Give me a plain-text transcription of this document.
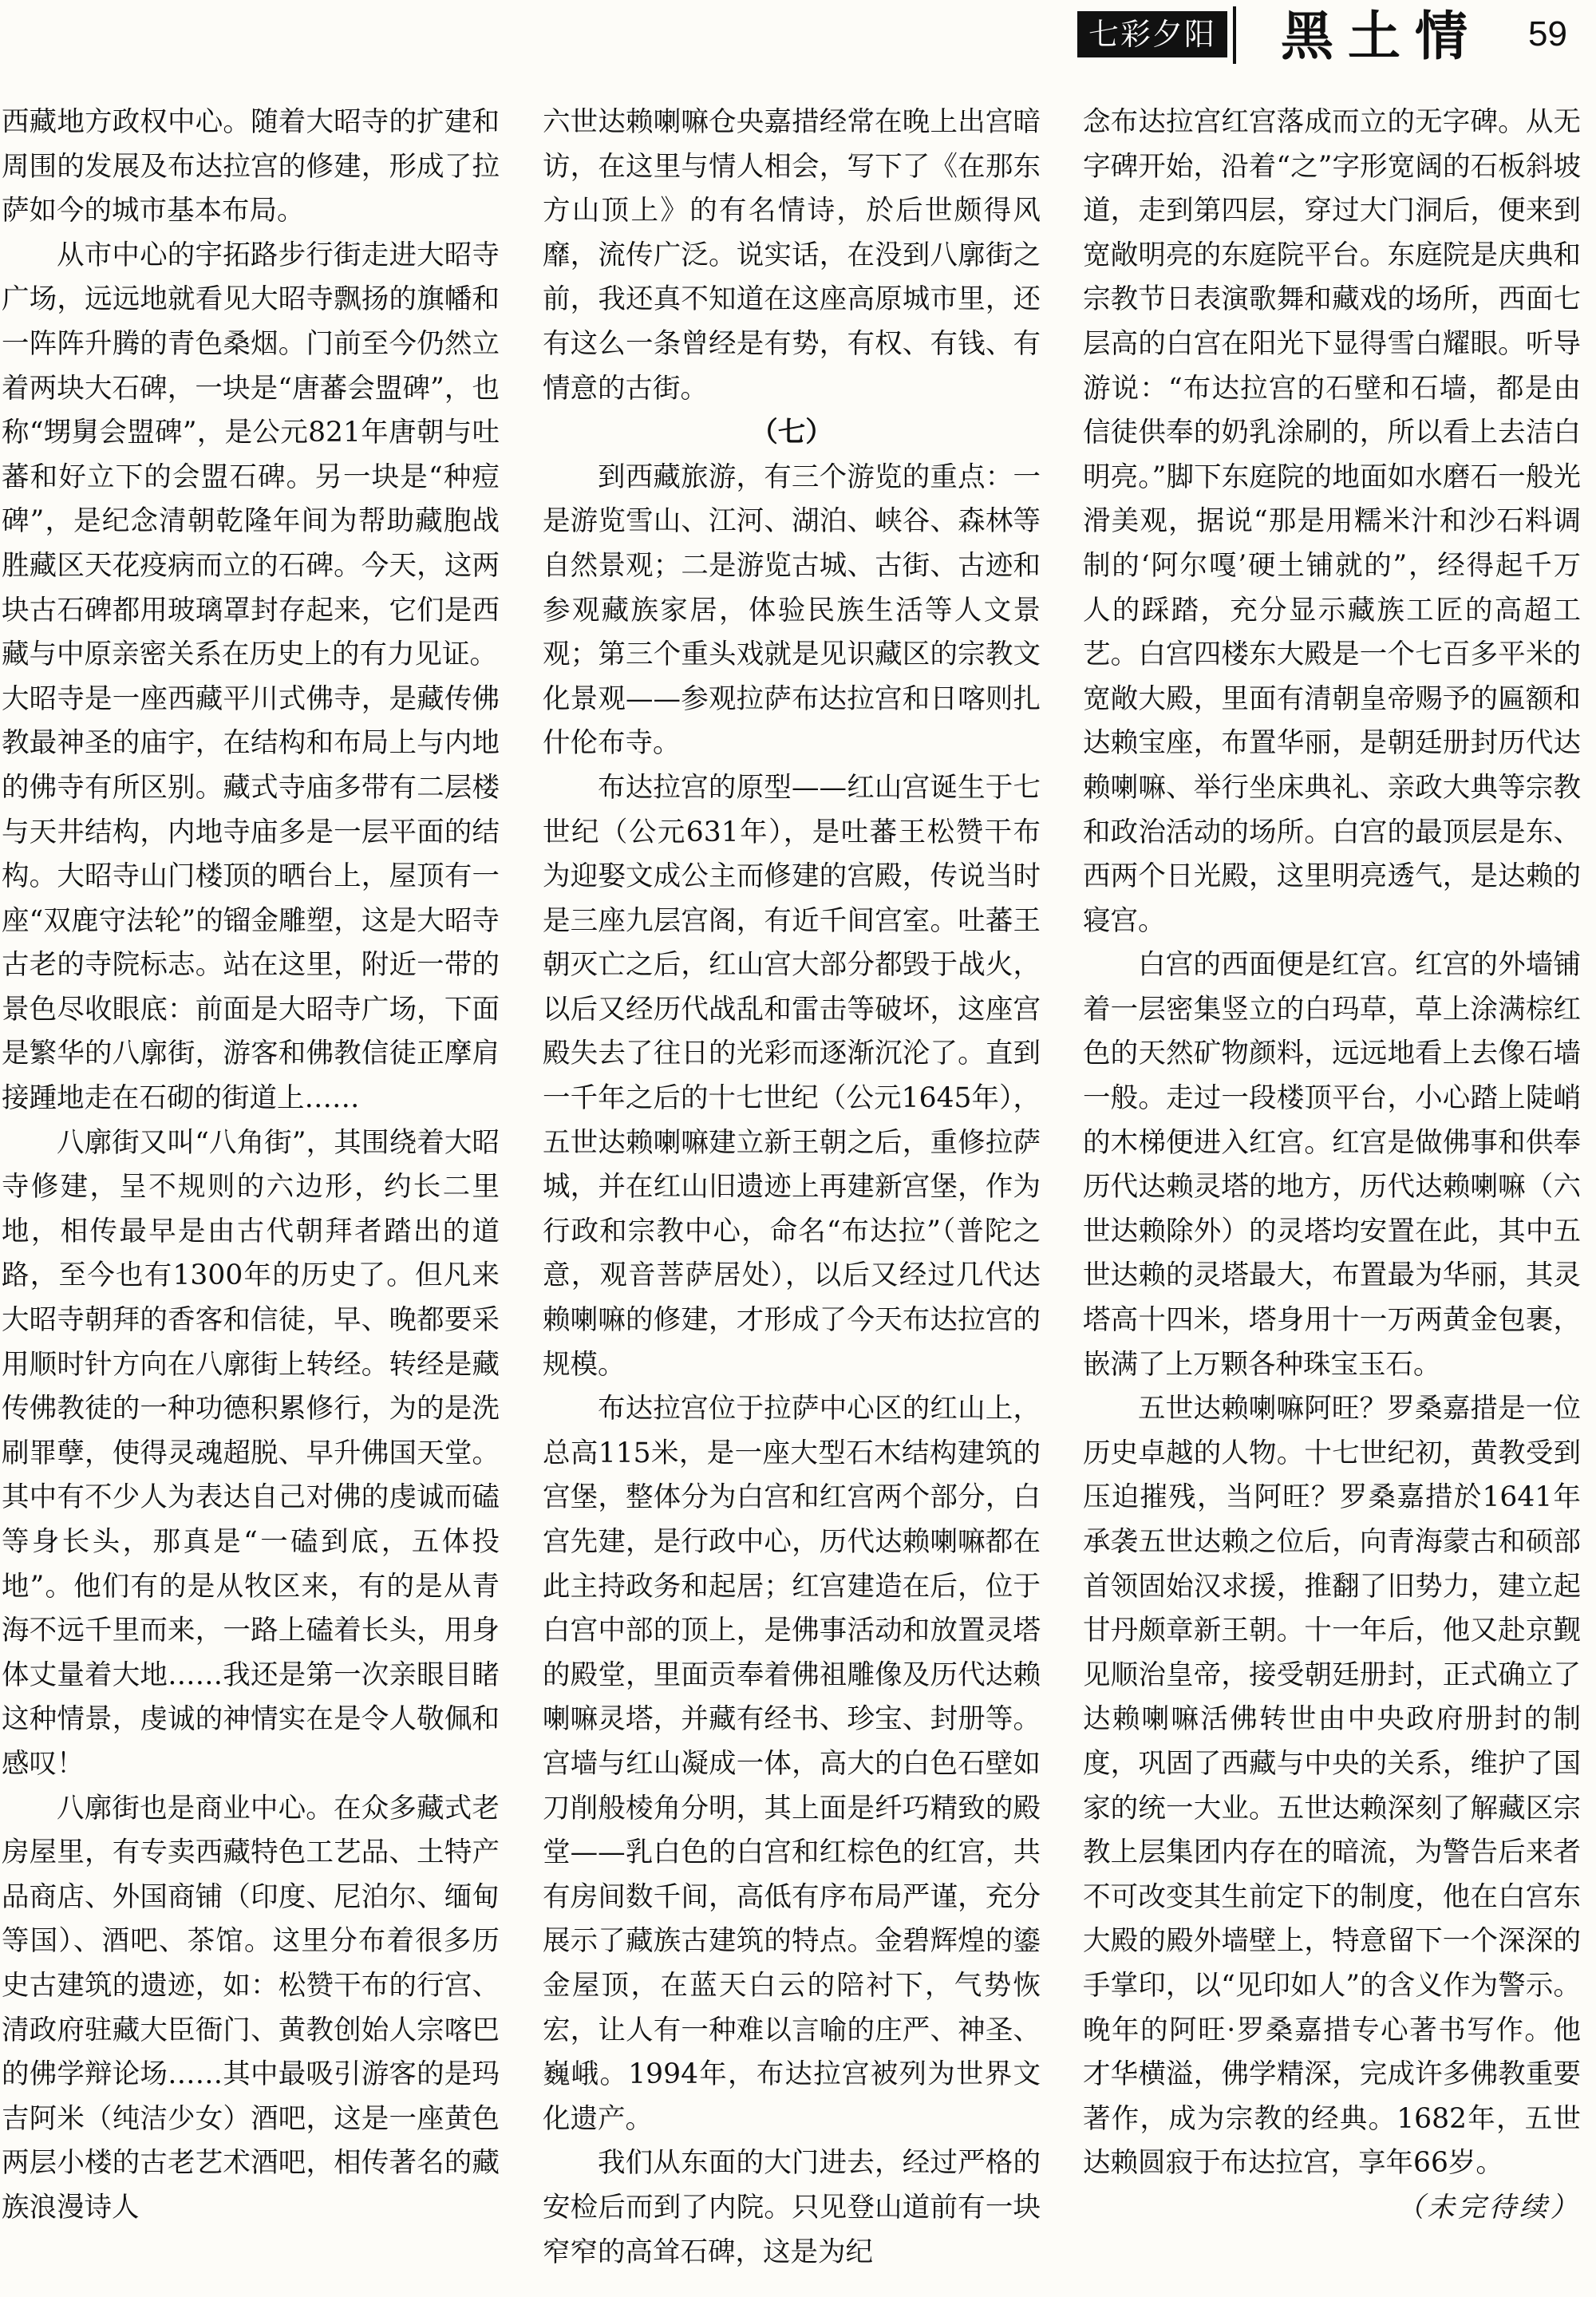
七彩夕阳 黑土情 59

西藏地方政权中心。随着大昭寺的扩建和周围的发展及布达拉宫的修建，形成了拉萨如今的城市基本布局。

从市中心的宇拓路步行街走进大昭寺广场，远远地就看见大昭寺飘扬的旗幡和一阵阵升腾的青色桑烟。门前至今仍然立着两块大石碑，一块是“唐蕃会盟碑”，也称“甥舅会盟碑”，是公元821年唐朝与吐蕃和好立下的会盟石碑。另一块是“种痘碑”，是纪念清朝乾隆年间为帮助藏胞战胜藏区天花疫病而立的石碑。今天，这两块古石碑都用玻璃罩封存起来，它们是西藏与中原亲密关系在历史上的有力见证。

大昭寺是一座西藏平川式佛寺，是藏传佛教最神圣的庙宇，在结构和布局上与内地的佛寺有所区别。藏式寺庙多带有二层楼与天井结构，内地寺庙多是一层平面的结构。大昭寺山门楼顶的晒台上，屋顶有一座“双鹿守法轮”的镏金雕塑，这是大昭寺古老的寺院标志。站在这里，附近一带的景色尽收眼底：前面是大昭寺广场，下面是繁华的八廓街，游客和佛教信徒正摩肩接踵地走在石砌的街道上……

八廓街又叫“八角街”，其围绕着大昭寺修建，呈不规则的六边形，约长二里地，相传最早是由古代朝拜者踏出的道路，至今也有1300年的历史了。但凡来大昭寺朝拜的香客和信徒，早、晚都要采用顺时针方向在八廓街上转经。转经是藏传佛教徒的一种功德积累修行，为的是洗刷罪孽，使得灵魂超脱、早升佛国天堂。其中有不少人为表达自己对佛的虔诚而磕等身长头，那真是“一磕到底，五体投地”。他们有的是从牧区来，有的是从青海不远千里而来，一路上磕着长头，用身体丈量着大地……我还是第一次亲眼目睹这种情景，虔诚的神情实在是令人敬佩和感叹！

八廓街也是商业中心。在众多藏式老房屋里，有专卖西藏特色工艺品、土特产品商店、外国商铺（印度、尼泊尔、缅甸等国）、酒吧、茶馆。这里分布着很多历史古建筑的遗迹，如：松赞干布的行宫、清政府驻藏大臣衙门、黄教创始人宗喀巴的佛学辩论场……其中最吸引游客的是玛吉阿米（纯洁少女）酒吧，这是一座黄色两层小楼的古老艺术酒吧，相传著名的藏族浪漫诗人

六世达赖喇嘛仓央嘉措经常在晚上出宫暗访，在这里与情人相会，写下了《在那东方山顶上》的有名情诗，於后世颇得风靡，流传广泛。说实话，在没到八廓街之前，我还真不知道在这座高原城市里，还有这么一条曾经是有势，有权、有钱、有情意的古街。

（七）

到西藏旅游，有三个游览的重点：一是游览雪山、江河、湖泊、峡谷、森林等自然景观；二是游览古城、古街、古迹和参观藏族家居，体验民族生活等人文景观；第三个重头戏就是见识藏区的宗教文化景观——参观拉萨布达拉宫和日喀则扎什伦布寺。

布达拉宫的原型——红山宫诞生于七世纪（公元631年），是吐蕃王松赞干布为迎娶文成公主而修建的宫殿，传说当时是三座九层宫阁，有近千间宫室。吐蕃王朝灭亡之后，红山宫大部分都毁于战火，以后又经历代战乱和雷击等破坏，这座宫殿失去了往日的光彩而逐渐沉沦了。直到一千年之后的十七世纪（公元1645年），五世达赖喇嘛建立新王朝之后，重修拉萨城，并在红山旧遗迹上再建新宫堡，作为行政和宗教中心，命名“布达拉”（普陀之意，观音菩萨居处），以后又经过几代达赖喇嘛的修建，才形成了今天布达拉宫的规模。

布达拉宫位于拉萨中心区的红山上，总高115米，是一座大型石木结构建筑的宫堡，整体分为白宫和红宫两个部分，白宫先建，是行政中心，历代达赖喇嘛都在此主持政务和起居；红宫建造在后，位于白宫中部的顶上，是佛事活动和放置灵塔的殿堂，里面贡奉着佛祖雕像及历代达赖喇嘛灵塔，并藏有经书、珍宝、封册等。宫墙与红山凝成一体，高大的白色石壁如刀削般棱角分明，其上面是纤巧精致的殿堂——乳白色的白宫和红棕色的红宫，共有房间数千间，高低有序布局严谨，充分展示了藏族古建筑的特点。金碧辉煌的鎏金屋顶，在蓝天白云的陪衬下，气势恢宏，让人有一种难以言喻的庄严、神圣、巍峨。1994年，布达拉宫被列为世界文化遗产。

我们从东面的大门进去，经过严格的安检后而到了内院。只见登山道前有一块窄窄的高耸石碑，这是为纪

念布达拉宫红宫落成而立的无字碑。从无字碑开始，沿着“之”字形宽阔的石板斜坡道，走到第四层，穿过大门洞后，便来到宽敞明亮的东庭院平台。东庭院是庆典和宗教节日表演歌舞和藏戏的场所，西面七层高的白宫在阳光下显得雪白耀眼。听导游说：“布达拉宫的石壁和石墙，都是由信徒供奉的奶乳涂刷的，所以看上去洁白明亮。”脚下东庭院的地面如水磨石一般光滑美观，据说“那是用糯米汁和沙石料调制的‘阿尔嘎’硬土铺就的”，经得起千万人的踩踏，充分显示藏族工匠的高超工艺。白宫四楼东大殿是一个七百多平米的宽敞大殿，里面有清朝皇帝赐予的匾额和达赖宝座，布置华丽，是朝廷册封历代达赖喇嘛、举行坐床典礼、亲政大典等宗教和政治活动的场所。白宫的最顶层是东、西两个日光殿，这里明亮透气，是达赖的寝宫。

白宫的西面便是红宫。红宫的外墙铺着一层密集竖立的白玛草，草上涂满棕红色的天然矿物颜料，远远地看上去像石墙一般。走过一段楼顶平台，小心踏上陡峭的木梯便进入红宫。红宫是做佛事和供奉历代达赖灵塔的地方，历代达赖喇嘛（六世达赖除外）的灵塔均安置在此，其中五世达赖的灵塔最大，布置最为华丽，其灵塔高十四米，塔身用十一万两黄金包裹，嵌满了上万颗各种珠宝玉石。

五世达赖喇嘛阿旺？罗桑嘉措是一位历史卓越的人物。十七世纪初，黄教受到压迫摧残，当阿旺？罗桑嘉措於1641年承袭五世达赖之位后，向青海蒙古和硕部首领固始汉求援，推翻了旧势力，建立起甘丹颇章新王朝。十一年后，他又赴京觐见顺治皇帝，接受朝廷册封，正式确立了达赖喇嘛活佛转世由中央政府册封的制度，巩固了西藏与中央的关系，维护了国家的统一大业。五世达赖深刻了解藏区宗教上层集团内存在的暗流，为警告后来者不可改变其生前定下的制度，他在白宫东大殿的殿外墙壁上，特意留下一个深深的手掌印，以“见印如人”的含义作为警示。晚年的阿旺·罗桑嘉措专心著书写作。他才华横溢，佛学精深，完成许多佛教重要著作，成为宗教的经典。1682年，五世达赖圆寂于布达拉宫，享年66岁。
（未完待续）
